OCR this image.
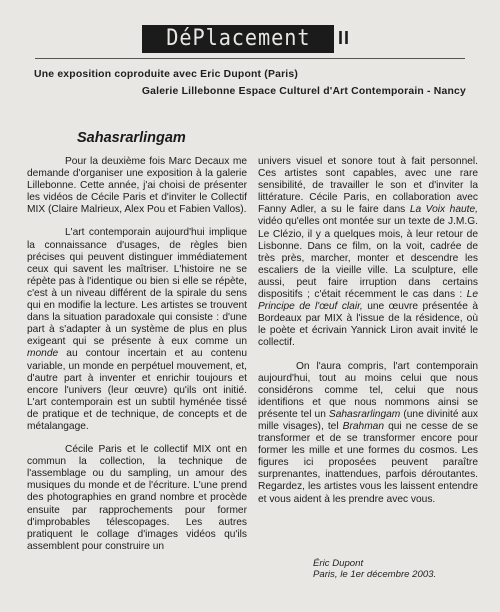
DéPlacement II
Une exposition coproduite avec Eric Dupont (Paris)
Galerie Lillebonne Espace Culturel d'Art Contemporain - Nancy
Sahasrarlingam

Pour la deuxième fois Marc Decaux me demande d'organiser une exposition à la galerie Lillebonne. Cette année, j'ai choisi de présenter les vidéos de Cécile Paris et d'inviter le Collectif MIX (Claire Malrieux, Alex Pou et Fabien Vallos).

L'art contemporain aujourd'hui implique la connaissance d'usages, de règles bien précises qui peuvent distinguer immédiatement ceux qui savent les maîtriser. L'histoire ne se répète pas à l'identique ou bien si elle se répète, c'est à un niveau différent de la spirale du sens qui en modifie la lecture. Les artistes se trouvent dans la situation paradoxale qui consiste : d'une part à s'adapter à un système de plus en plus exigeant qui se présente à eux comme un monde au contour incertain et au contenu variable, un monde en perpétuel mouvement, et, d'autre part à inventer et enrichir toujours et encore l'univers (leur œuvre) qu'ils ont initié. L'art contemporain est un subtil hyménée tissé de pratique et de technique, de concepts et de métalangage.

Cécile Paris et le collectif MIX ont en commun la collection, la technique de l'assemblage ou du sampling, un amour des musiques du monde et de l'écriture. L'une prend des photographies en grand nombre et procède ensuite par rapprochements pour former d'improbables télescopages. Les autres pratiquent le collage d'images vidéos qu'ils assemblent pour construire un

univers visuel et sonore tout à fait personnel. Ces artistes sont capables, avec une rare sensibilité, de travailler le son et d'inviter la littérature. Cécile Paris, en collaboration avec Fanny Adler, a su le faire dans La Voix haute, vidéo qu'elles ont montée sur un texte de J.M.G. Le Clézio, il y a quelques mois, à leur retour de Lisbonne. Dans ce film, on la voit, cadrée de très près, marcher, monter et descendre les escaliers de la vieille ville. La sculpture, elle aussi, peut faire irruption dans certains dispositifs ; c'était récemment le cas dans : Le Principe de l'œuf clair, une œuvre présentée à Bordeaux par MIX à l'issue de la résidence, où le poète et écrivain Yannick Liron avait invité le collectif.

On l'aura compris, l'art contemporain aujourd'hui, tout au moins celui que nous considérons comme tel, celui que nous identifions et que nous nommons ainsi se présente tel un Sahasrarlingam (une divinité aux mille visages), tel Brahman qui ne cesse de se transformer et de se transformer encore pour former les mille et une formes du cosmos. Les figures ici proposées peuvent paraître surprenantes, inattendues, parfois déroutantes. Regardez, les artistes vous les laissent entendre et vous aident à les prendre avec vous.

Éric Dupont
Paris, le 1er décembre 2003.
